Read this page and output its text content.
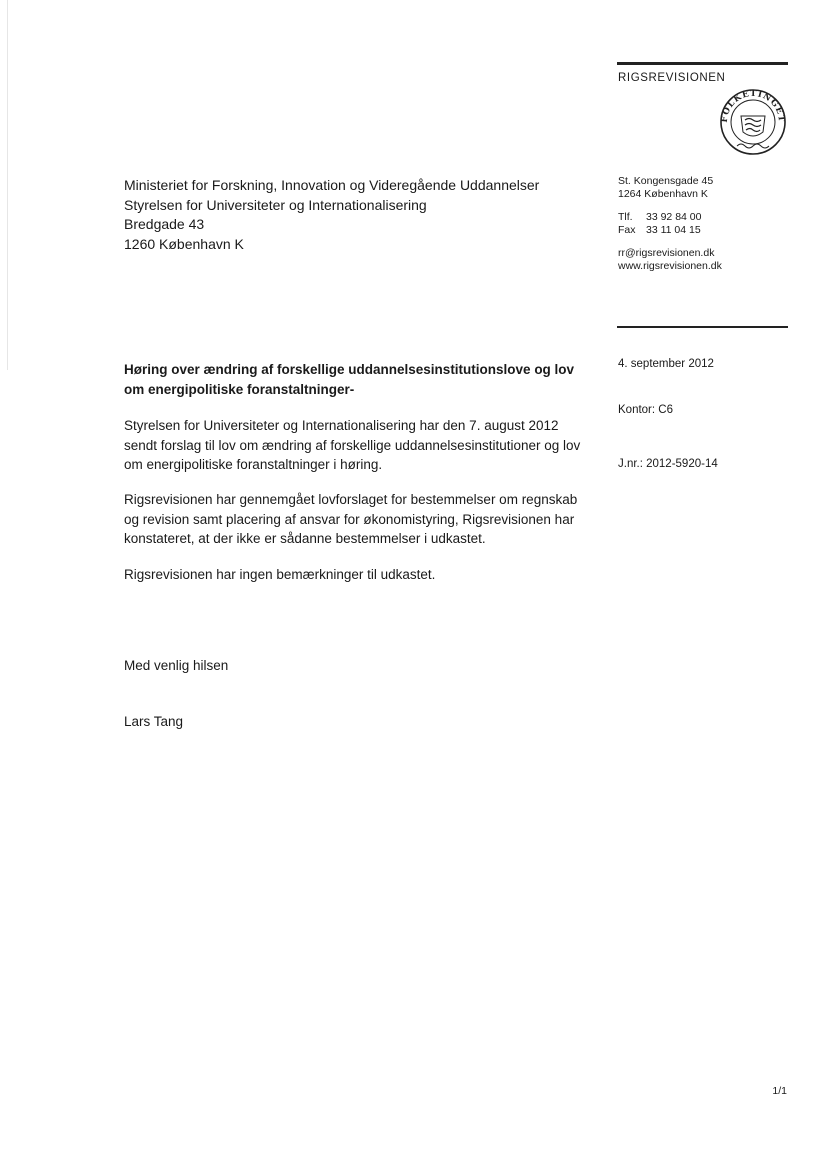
RIGSREVISIONEN
FOLKETINGET
Ministeriet for Forskning, Innovation og Videregående Uddannelser
Styrelsen for Universiteter og Internationalisering
Bredgade 43
1260 København K
St. Kongensgade 45
1264 København K
Tlf. 33 92 84 00
Fax 33 11 04 15
rr@rigsrevisionen.dk
www.rigsrevisionen.dk
Høring over ændring af forskellige uddannelsesinstitutionslove og lov om energipolitiske foranstaltninger-
Styrelsen for Universiteter og Internationalisering har den 7. august 2012 sendt forslag til lov om ændring af forskellige uddannelsesinstitutioner og lov om energipolitiske foranstaltninger i høring.
Rigsrevisionen har gennemgået lovforslaget for bestemmelser om regnskab og revision samt placering af ansvar for økonomistyring, Rigsrevisionen har konstateret, at der ikke er sådanne bestemmelser i udkastet.
Rigsrevisionen har ingen bemærkninger til udkastet.
4. september 2012
Kontor: C6
J.nr.: 2012-5920-14
Med venlig hilsen
Lars Tang
1/1
